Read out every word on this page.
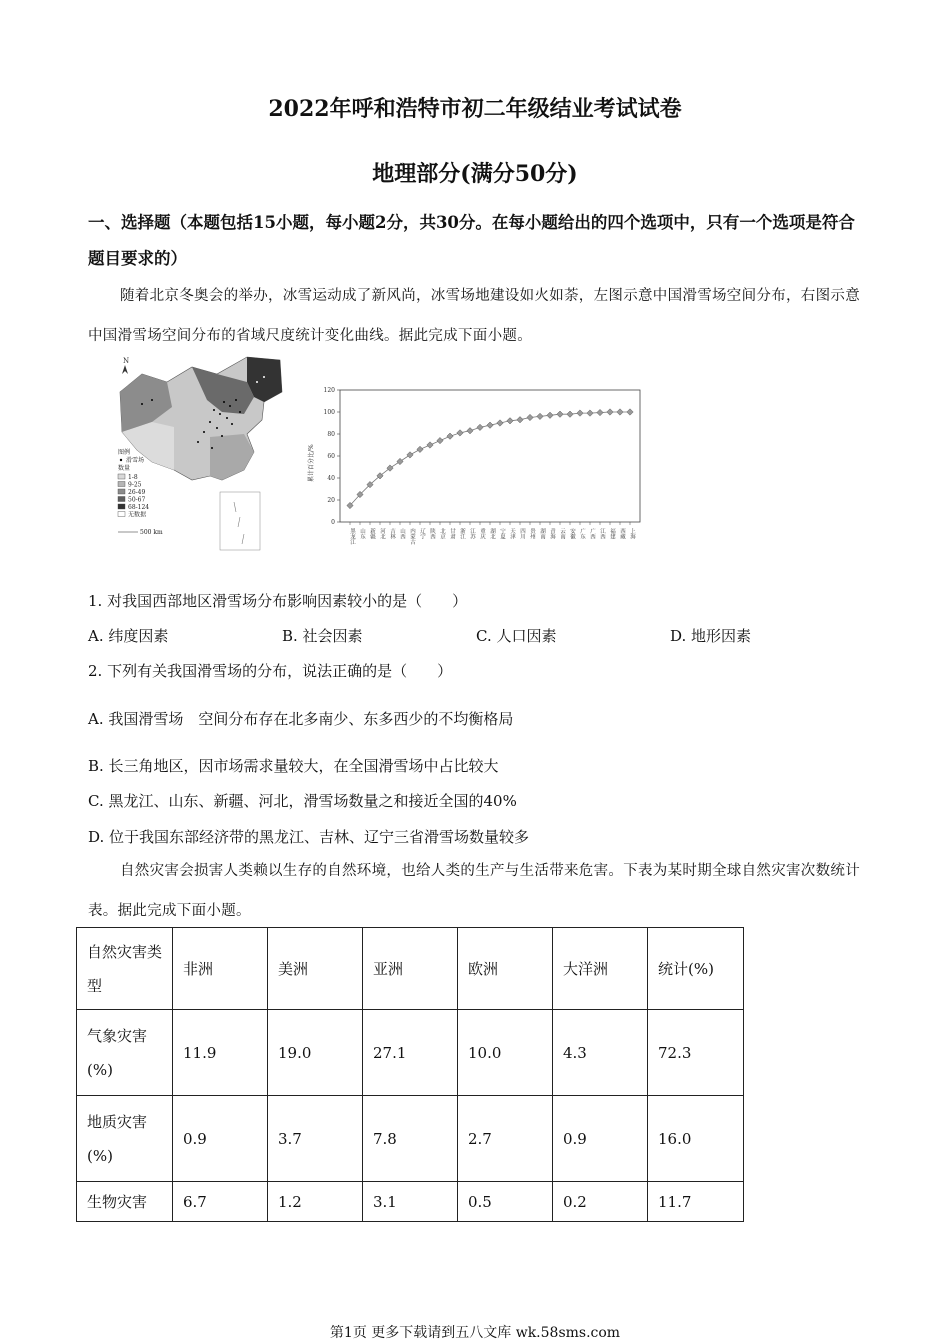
2022年呼和浩特市初二年级结业考试试卷
地理部分(满分50分)
一、选择题（本题包括15小题，每小题2分，共30分。在每小题给出的四个选项中，只有一个选项是符合题目要求的）
随着北京冬奥会的举办，冰雪运动成了新风尚，冰雪场地建设如火如荼，左图示意中国滑雪场空间分布，右图示意中国滑雪场空间分布的省域尺度统计变化曲线。据此完成下面小题。
N
图例
滑雪场
数量
1-8
9-25
26-49
50-67
68-124
无数据
500 km
累计百分比/%
0
20
40
60
80
100
120
黑龙江 山东 新疆 河北 吉林 山西 内蒙古 辽宁 陕西 北京 甘肃 浙江 江苏 重庆 湖北 宁夏 天津 四川 贵州 湖南 青海 云南 安徽 广东 广西 江西 福建 西藏 上海
1. 对我国西部地区滑雪场分布影响因素较小的是（　　）
A. 纬度因素	B. 社会因素	C. 人口因素	D. 地形因素
2. 下列有关我国滑雪场的分布，说法正确的是（　　）
A. 我国滑雪场　空间分布存在北多南少、东多西少的不均衡格局
B. 长三角地区，因市场需求量较大，在全国滑雪场中占比较大
C. 黑龙江、山东、新疆、河北，滑雪场数量之和接近全国的40%
D. 位于我国东部经济带的黑龙江、吉林、辽宁三省滑雪场数量较多
自然灾害会损害人类赖以生存的自然环境，也给人类的生产与生活带来危害。下表为某时期全球自然灾害次数统计表。据此完成下面小题。
自然灾害类型	非洲	美洲	亚洲	欧洲	大洋洲	统计(%)
气象灾害(%)	11.9	19.0	27.1	10.0	4.3	72.3
地质灾害(%)	0.9	3.7	7.8	2.7	0.9	16.0
生物灾害	6.7	1.2	3.1	0.5	0.2	11.7
第1页 更多下载请到五八文库 wk.58sms.com
